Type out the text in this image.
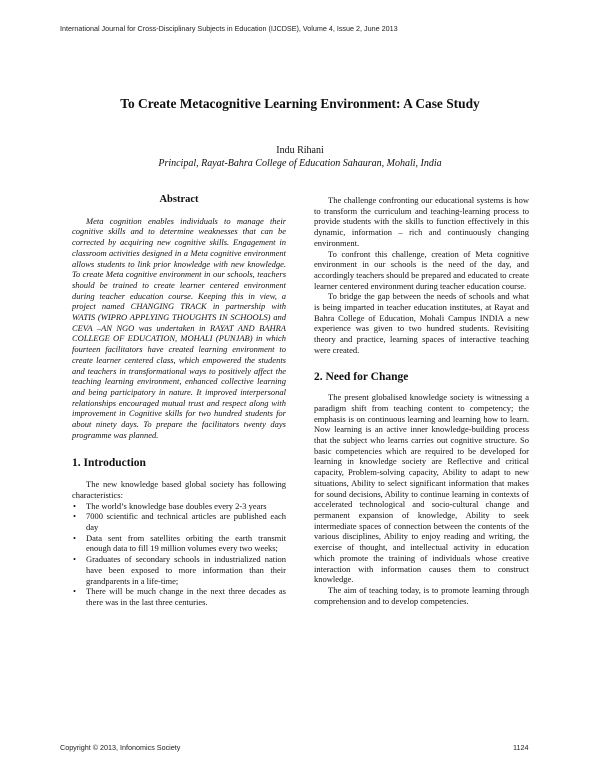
International Journal for Cross-Disciplinary Subjects in Education (IJCDSE), Volume 4, Issue 2, June 2013
To Create Metacognitive Learning Environment: A Case Study
Indu Rihani
Principal, Rayat-Bahra College of Education Sahauran, Mohali, India
Abstract

Meta cognition enables individuals to manage their cognitive skills and to determine weaknesses that can be corrected by acquiring new cognitive skills. Engagement in classroom activities designed in a Meta cognitive environment allows students to link prior knowledge with new knowledge. To create Meta cognitive environment in our schools, teachers should be trained to create learner centered environment during teacher education course. Keeping this in view, a project named CHANGING TRACK in partnership with WATIS (WIPRO APPLYING THOUGHTS IN SCHOOLS) and CEVA –AN NGO was undertaken in RAYAT AND BAHRA COLLEGE OF EDUCATION, MOHALI (PUNJAB) in which fourteen facilitators have created learning environment to create learner centered class, which empowered the students and teachers in transformational ways to positively affect the teaching learning environment, enhanced collective learning and being participatory in nature. It improved interpersonal relationships encouraged mutual trust and respect along with improvement in Cognitive skills for two hundred students for about ninety days. To prepare the facilitators twenty days programme was planned.

1. Introduction

The new knowledge based global society has following characteristics:

• The world’s knowledge base doubles every 2-3 years
• 7000 scientific and technical articles are published each day
• Data sent from satellites orbiting the earth transmit enough data to fill 19 million volumes every two weeks;
• Graduates of secondary schools in industrialized nation have been exposed to more information than their grandparents in a life-time;
• There will be much change in the next three decades as there was in the last three centuries.

The challenge confronting our educational systems is how to transform the curriculum and teaching-learning process to provide students with the skills to function effectively in this dynamic, information – rich and continuously changing environment.

To confront this challenge, creation of Meta cognitive environment in our schools is the need of the day, and accordingly teachers should be prepared and educated to create learner centered environment during teacher education course.

To bridge the gap between the needs of schools and what is being imparted in teacher education institutes, at Rayat and Bahra College of Education, Mohali Campus INDIA a new experience was given to two hundred students. Revisiting theory and practice, learning spaces of interactive teaching were created.

2. Need for Change

The present globalised knowledge society is witnessing a paradigm shift from teaching content to competency; the emphasis is on continuous learning and learning how to learn. Now learning is an active inner knowledge-building process that the subject who learns carries out cognitive structure. So basic competencies which are required to be developed for learning in knowledge society are Reflective and critical capacity, Problem-solving capacity, Ability to adapt to new situations, Ability to select significant information that makes for sound decisions, Ability to continue learning in contexts of accelerated technological and socio-cultural change and permanent expansion of knowledge, Ability to seek intermediate spaces of connection between the contents of the various disciplines, Ability to enjoy reading and writing, the exercise of thought, and intellectual activity in education which promote the training of individuals whose creative interaction with information causes them to construct knowledge.

The aim of teaching today, is to promote learning through comprehension and to develop competencies.

Copyright © 2013, Infonomics Society	1124
